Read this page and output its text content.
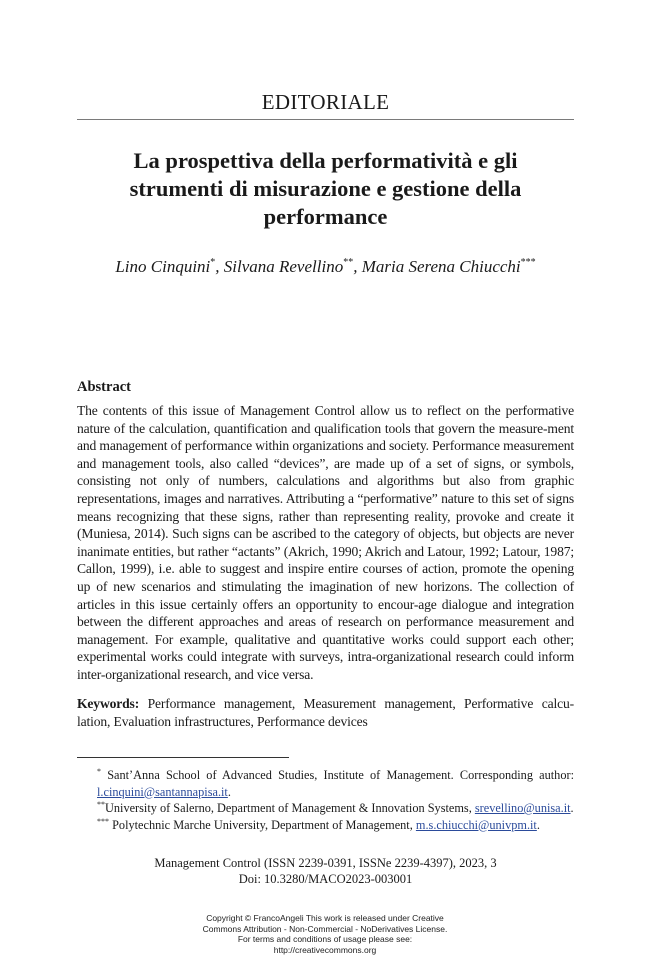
EDITORIALE
La prospettiva della performatività e gli strumenti di misurazione e gestione della performance
Lino Cinquini*, Silvana Revellino**, Maria Serena Chiucchi***
Abstract
The contents of this issue of Management Control allow us to reflect on the performative nature of the calculation, quantification and qualification tools that govern the measure-ment and management of performance within organizations and society. Performance measurement and management tools, also called “devices”, are made up of a set of signs, or symbols, consisting not only of numbers, calculations and algorithms but also from graphic representations, images and narratives. Attributing a “performative” nature to this set of signs means recognizing that these signs, rather than representing reality, provoke and create it (Muniesa, 2014). Such signs can be ascribed to the category of objects, but objects are never inanimate entities, but rather “actants” (Akrich, 1990; Akrich and Latour, 1992; Latour, 1987; Callon, 1999), i.e. able to suggest and inspire entire courses of action, promote the opening up of new scenarios and stimulating the imagination of new horizons. The collection of articles in this issue certainly offers an opportunity to encour-age dialogue and integration between the different approaches and areas of research on performance measurement and management. For example, qualitative and quantitative works could support each other; experimental works could integrate with surveys, intra-organizational research could inform inter-organizational research, and vice versa.
Keywords: Performance management, Measurement management, Performative calcu-lation, Evaluation infrastructures, Performance devices

* Sant’Anna School of Advanced Studies, Institute of Management. Corresponding author: l.cinquini@santannapisa.it.

**University of Salerno, Department of Management & Innovation Systems, srevellino@unisa.it.

*** Polytechnic Marche University, Department of Management, m.s.chiucchi@univpm.it.

Management Control (ISSN 2239-0391, ISSNe 2239-4397), 2023, 3
Doi: 10.3280/MACO2023-003001
Copyright © FrancoAngeli This work is released under Creative
Commons Attribution - Non-Commercial - NoDerivatives License.
For terms and conditions of usage please see:
http://creativecommons.org
